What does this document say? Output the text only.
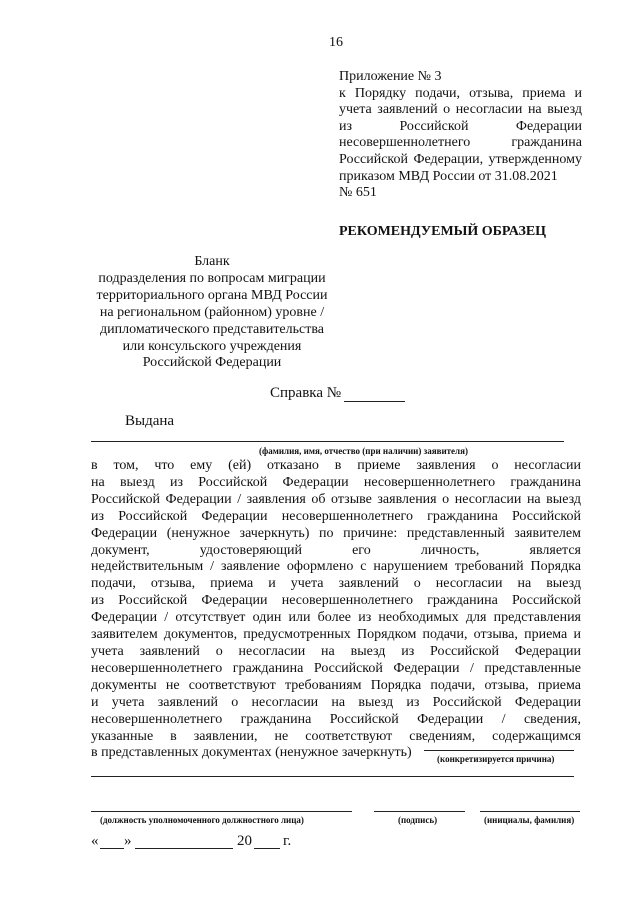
16
Приложение № 3
к Порядку подачи, отзыва, приема и
учета заявлений о несогласии на выезд
из Российской Федерации
несовершеннолетнего гражданина
Российской Федерации, утвержденному
приказом МВД России от 31.08.2021
№ 651
РЕКОМЕНДУЕМЫЙ ОБРАЗЕЦ
Бланк
подразделения по вопросам миграции
территориального органа МВД России
на региональном (районном) уровне /
дипломатического представительства
или консульского учреждения
Российской Федерации
Справка №
Выдана
(фамилия, имя, отчество (при наличии) заявителя)
в том, что ему (ей) отказано в приеме заявления о несогласии
на выезд из Российской Федерации несовершеннолетнего гражданина
Российской Федерации / заявления об отзыве заявления о несогласии на выезд
из Российской Федерации несовершеннолетнего гражданина Российской
Федерации (ненужное зачеркнуть) по причине: представленный заявителем
документ, удостоверяющий его личность, является
недействительным / заявление оформлено с нарушением требований Порядка
подачи, отзыва, приема и учета заявлений о несогласии на выезд
из Российской Федерации несовершеннолетнего гражданина Российской
Федерации / отсутствует один или более из необходимых для представления
заявителем документов, предусмотренных Порядком подачи, отзыва, приема и
учета заявлений о несогласии на выезд из Российской Федерации
несовершеннолетнего гражданина Российской Федерации / представленные
документы не соответствуют требованиям Порядка подачи, отзыва, приема
и учета заявлений о несогласии на выезд из Российской Федерации
несовершеннолетнего гражданина Российской Федерации / сведения,
указанные в заявлении, не соответствуют сведениям, содержащимся
в представленных документах (ненужное зачеркнуть)	(конкретизируется причина)
(должность уполномоченного должностного лица)	(подпись)	(инициалы, фамилия)
« »	20 г.
